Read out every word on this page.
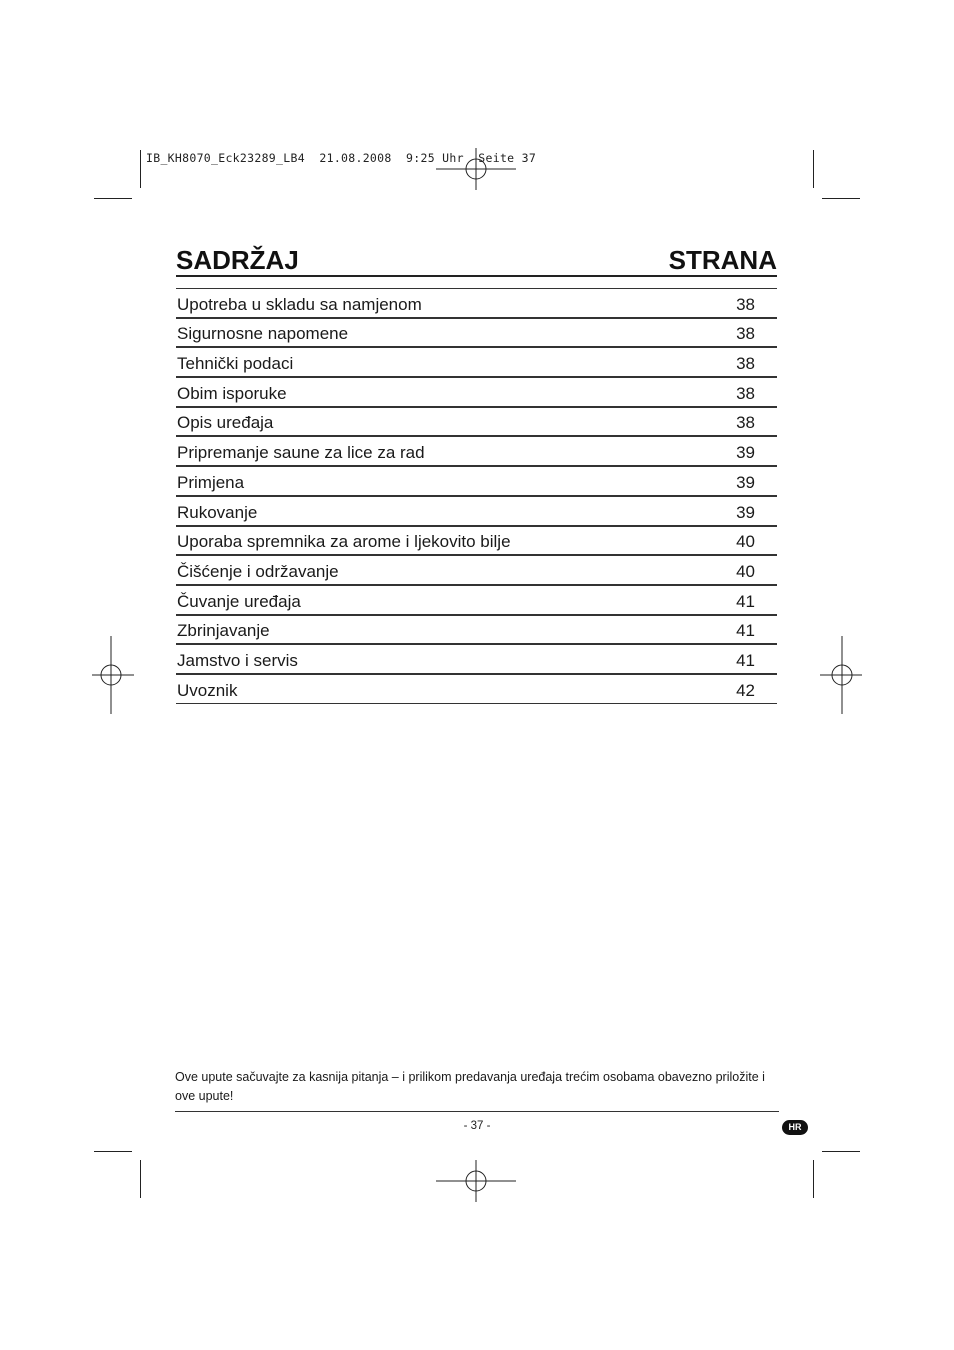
IB_KH8070_Eck23289_LB4  21.08.2008  9:25 Uhr  Seite 37
SADRŽAJ	STRANA
Upotreba u skladu sa namjenom	38
Sigurnosne napomene	38
Tehnički podaci	38
Obim isporuke	38
Opis uređaja	38
Pripremanje saune za lice za rad	39
Primjena	39
Rukovanje	39
Uporaba spremnika za arome i ljekovito bilje	40
Čišćenje i održavanje	40
Čuvanje uređaja	41
Zbrinjavanje	41
Jamstvo i servis	41
Uvoznik	42
Ove upute sačuvajte za kasnija pitanja – i prilikom predavanja uređaja trećim osobama obavezno priložite i ove upute!
- 37 -	HR
